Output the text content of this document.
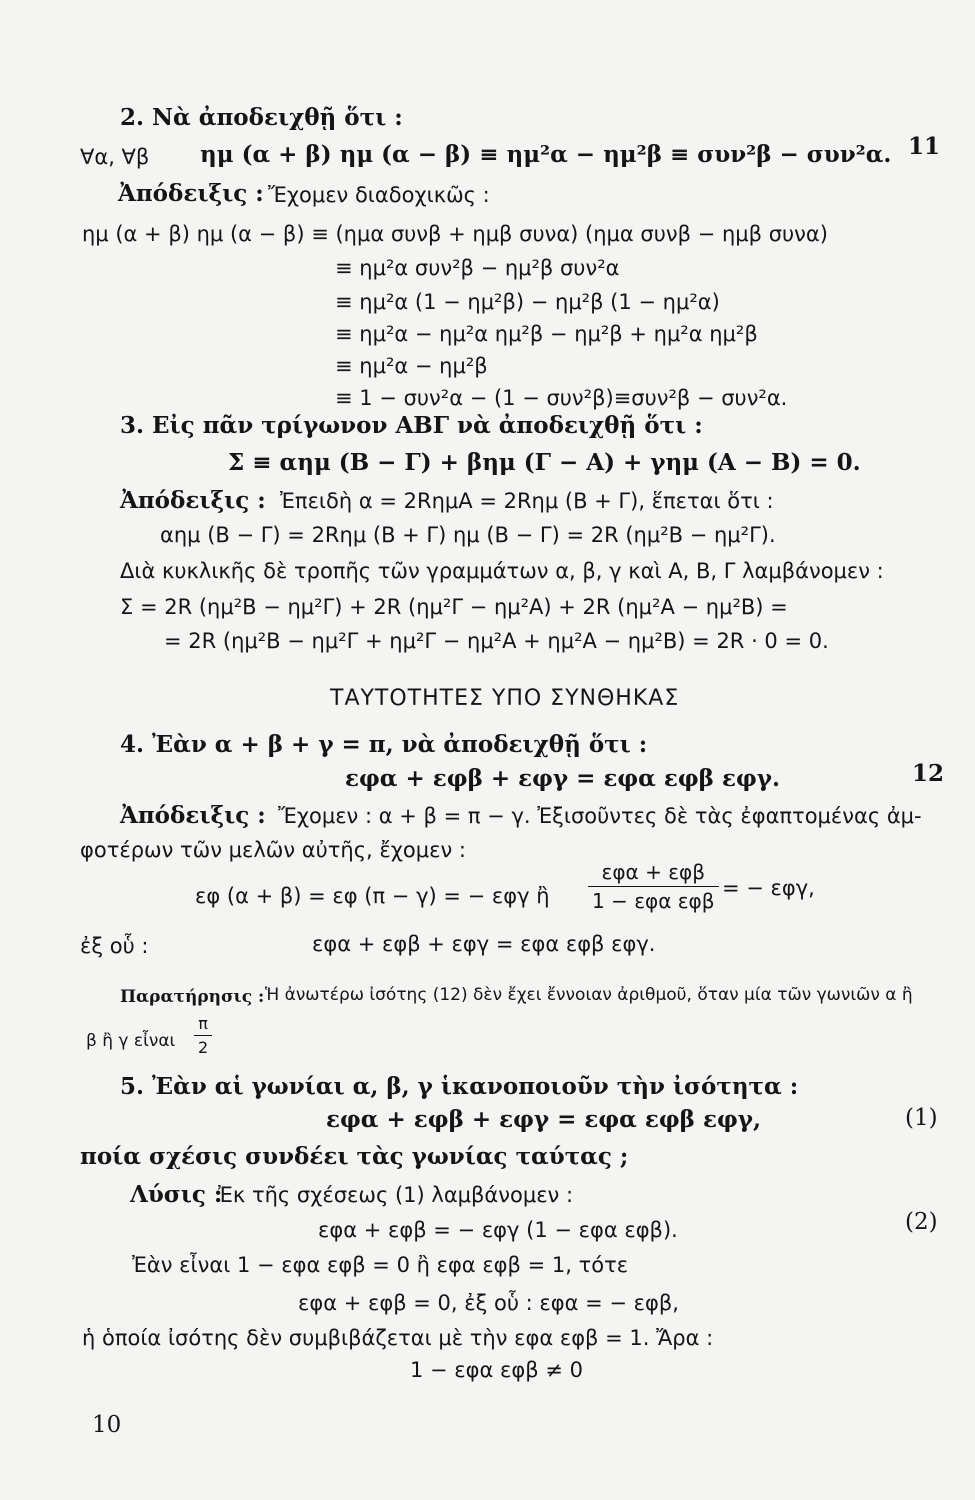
2. Νὰ ἀποδειχθῇ ὅτι :
∀α, ∀β ημ (α + β) ημ (α − β) ≡ ημ²α − ημ²β ≡ συν²β − συν²α. 11
Ἀπόδειξις : Ἔχομεν διαδοχικῶς :
ημ (α + β) ημ (α − β) ≡ (ημα συνβ + ημβ συνα) (ημα συνβ − ημβ συνα)
≡ ημ²α συν²β − ημ²β συν²α
≡ ημ²α (1 − ημ²β) − ημ²β (1 − ημ²α)
≡ ημ²α − ημ²α ημ²β − ημ²β + ημ²α ημ²β
≡ ημ²α − ημ²β
≡ 1 − συν²α − (1 − συν²β)≡συν²β − συν²α.
3. Εἰς πᾶν τρίγωνον ΑΒΓ νὰ ἀποδειχθῇ ὅτι :
Σ ≡ αημ (Β − Γ) + βημ (Γ − Α) + γημ (Α − Β) = 0.
Ἀπόδειξις : Ἐπειδὴ α = 2RημΑ = 2Rημ (Β + Γ), ἕπεται ὅτι :
αημ (Β − Γ) = 2Rημ (Β + Γ) ημ (Β − Γ) = 2R (ημ²Β − ημ²Γ).
Διὰ κυκλικῆς δὲ τροπῆς τῶν γραμμάτων α, β, γ καὶ Α, Β, Γ λαμβάνομεν :
Σ = 2R (ημ²Β − ημ²Γ) + 2R (ημ²Γ − ημ²Α) + 2R (ημ²Α − ημ²Β) =
= 2R (ημ²Β − ημ²Γ + ημ²Γ − ημ²Α + ημ²Α − ημ²Β) = 2R · 0 = 0.
ΤΑΥΤΟΤΗΤΕΣ ΥΠΟ ΣΥΝΘΗΚΑΣ
4. Ἐὰν α + β + γ = π, νὰ ἀποδειχθῇ ὅτι :
εφα + εφβ + εφγ = εφα εφβ εφγ.	12
Ἀπόδειξις : Ἔχομεν : α + β = π − γ. Ἐξισοῦντες δὲ τὰς ἐφαπτομένας ἀμ-
φοτέρων τῶν μελῶν αὐτῆς, ἔχομεν :
εφ (α + β) = εφ (π − γ) = − εφγ ἢ
εφα + εφβ
1 − εφα εφβ
= − εφγ,
ἐξ οὗ :	εφα + εφβ + εφγ = εφα εφβ εφγ.
Παρατήρησις : Ἡ ἀνωτέρω ἰσότης (12) δὲν ἔχει ἔννοιαν ἀριθμοῦ, ὅταν μία τῶν γωνιῶν α ἢ
β ἢ γ εἶναι $\frac{\pi}{2}$
5. Ἐὰν αἱ γωνίαι α, β, γ ἱκανοποιοῦν τὴν ἰσότητα :
εφα + εφβ + εφγ = εφα εφβ εφγ,	(1)
ποία σχέσις συνδέει τὰς γωνίας ταύτας ;
Λύσις :
Ἐκ τῆς σχέσεως (1) λαμβάνομεν :
εφα + εφβ = − εφγ (1 − εφα εφβ).	(2)
Ἐὰν εἶναι 1 − εφα εφβ = 0 ἢ εφα εφβ = 1, τότε
εφα + εφβ = 0, ἐξ οὗ : εφα = − εφβ,
ἡ ὁποία ἰσότης δὲν συμβιβάζεται μὲ τὴν εφα εφβ = 1. Ἄρα :
1 − εφα εφβ ≠ 0
10
